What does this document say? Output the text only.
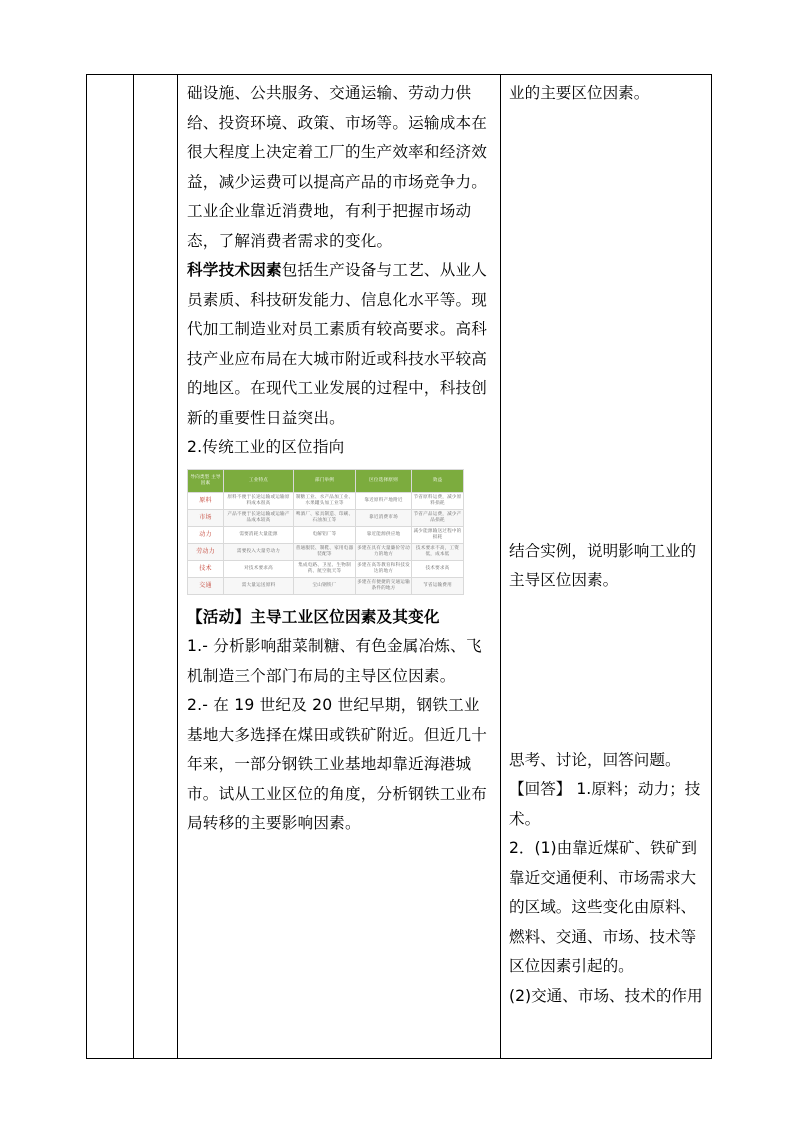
础设施、公共服务、交通运输、劳动力供给、投资环境、政策、市场等。运输成本在很大程度上决定着工厂的生产效率和经济效益，减少运费可以提高产品的市场竞争力。工业企业靠近消费地，有利于把握市场动态，了解消费者需求的变化。

科学技术因素包括生产设备与工艺、从业人员素质、科技研发能力、信息化水平等。现代加工制造业对员工素质有较高要求。高科技产业应布局在大城市附近或科技水平较高的地区。在现代工业发展的过程中，科技创新的重要性日益突出。

2.传统工业的区位指向

导向类型 主导因素	工业特点	部门举例	区位选择原则	效益
原料	原料不便于长途运输或运输原料成本很高	制糖工业、水产品加工业、水果罐头加工业等	靠近原料产地附近	节省原料运费，减少原料损耗
市场	产品不便于长途运输或运输产品成本较高	啤酒厂、家具制造、印刷、石油加工等	靠近消费市场	节省产品运费，减少产品损耗
动力	需要消耗大量能源	电解铝厂等	靠近能源供应地	减少能源输送过程中的损耗
劳动力	需要投入大量劳动力	普通服装、制鞋、家用电器装配等	多建在具有大量廉价劳动力的地方	技术要求不高，工资低，成本低
技术	对技术要求高	集成电路、卫星、生物制药、航空航天等	多建在高等教育和科技发达的地方	技术要求高
交通	需大量运送原料	宝山钢铁厂	多建在有便捷的交通运输条件的地方	节省运输费用

【活动】主导工业区位因素及其变化

1.- 分析影响甜菜制糖、有色金属冶炼、飞机制造三个部门布局的主导区位因素。

2.- 在 19 世纪及 20 世纪早期，钢铁工业基地大多选择在煤田或铁矿附近。但近几十年来，一部分钢铁工业基地却靠近海港城市。试从工业区位的角度，分析钢铁工业布局转移的主要影响因素。

业的主要区位因素。

结合实例，说明影响工业的主导区位因素。

思考、讨论，回答问题。

【回答】 1.原料；动力；技术。

2．(1)由靠近煤矿、铁矿到靠近交通便利、市场需求大的区域。这些变化由原料、燃料、交通、市场、技术等区位因素引起的。

(2)交通、市场、技术的作用
